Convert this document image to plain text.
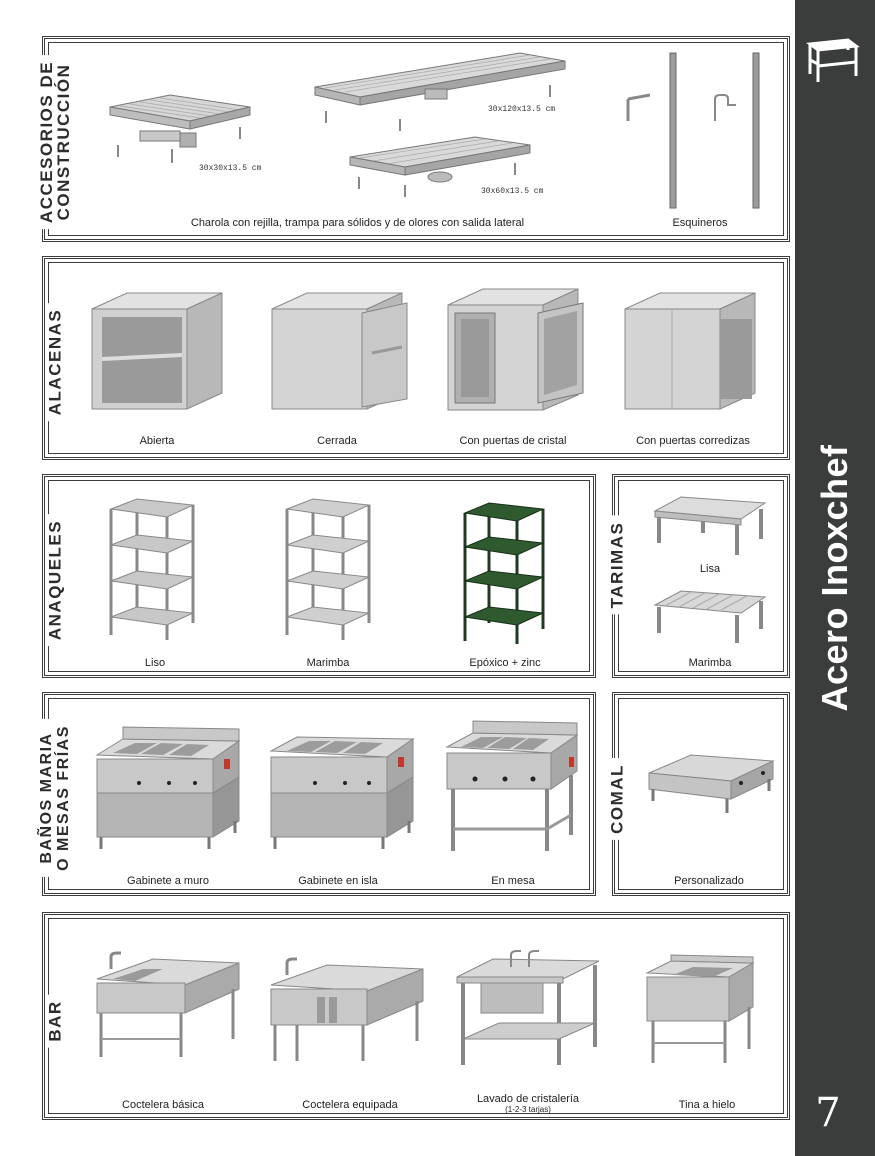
Acero Inoxchef
7
ACCESORIOS DE
CONSTRUCCIÓN	30x30x13.5 cm
30x120x13.5 cm
30x60x13.5 cm
Charola con rejilla, trampa para sólidos y de olores con salida lateral	Esquineros
ALACENAS
Abierta	Cerrada	Con puertas de cristal	Con puertas corredizas
ANAQUELES
Liso	Marimba	Epóxico + zinc
TARIMAS	Lisa
Marimba
BAÑOS MARIA
O MESAS FRÍAS
Gabinete a muro	Gabinete en isla	En mesa
COMAL
Personalizado
BAR
Coctelera básica	Coctelera equipada	Lavado de cristalería
(1-2-3 tarjas)	Tina a hielo
